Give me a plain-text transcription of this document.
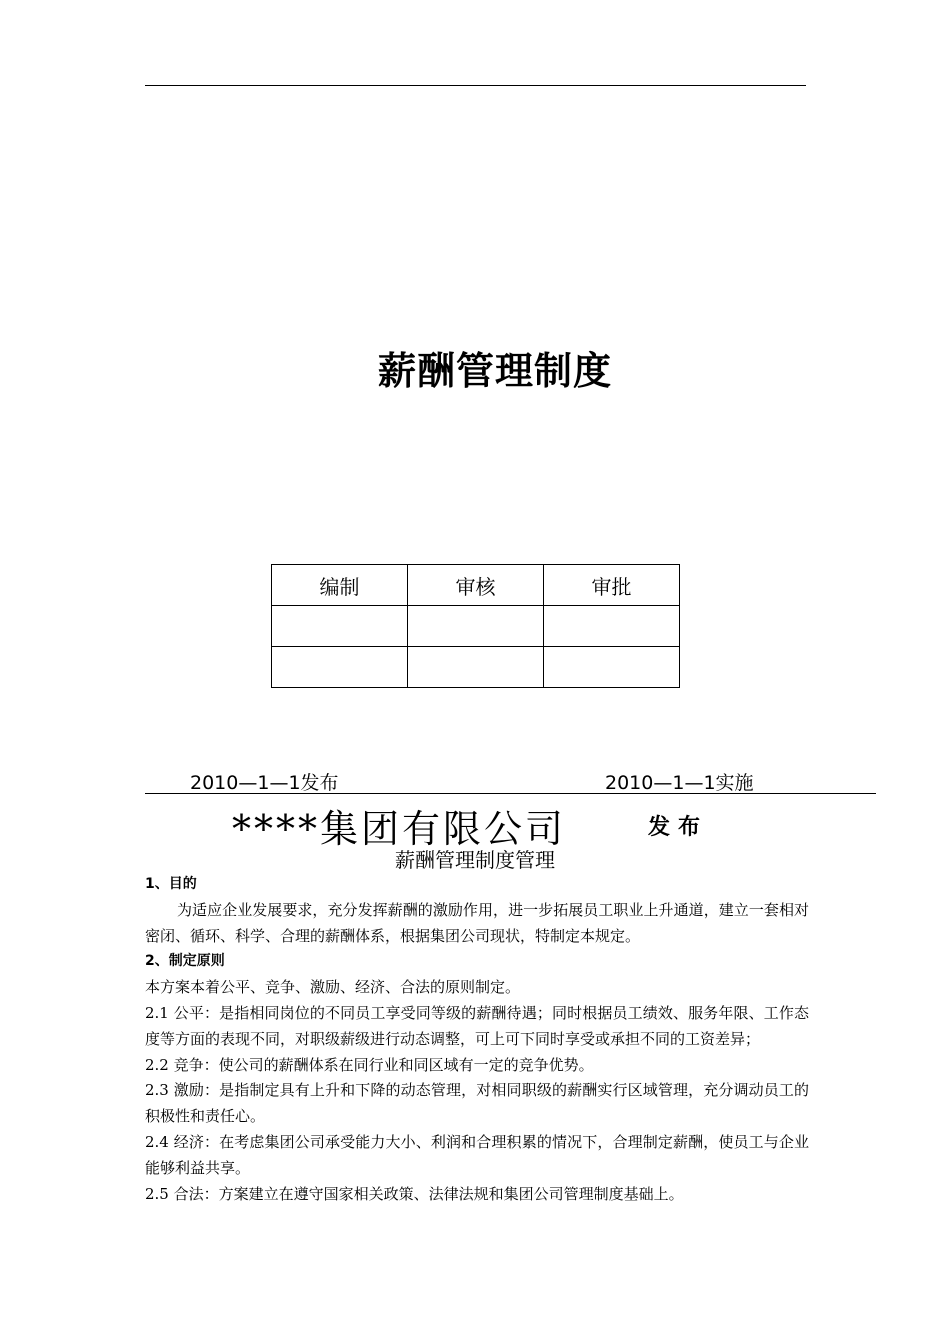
薪酬管理制度
编制	审核	审批

2010—1—1发布	2010—1—1实施
****集团有限公司	发布
薪酬管理制度管理

1、目的

为适应企业发展要求，充分发挥薪酬的激励作用，进一步拓展员工职业上升通道，建立一套相对密闭、循环、科学、合理的薪酬体系，根据集团公司现状，特制定本规定。

2、制定原则

本方案本着公平、竞争、激励、经济、合法的原则制定。

2.1 公平：是指相同岗位的不同员工享受同等级的薪酬待遇；同时根据员工绩效、服务年限、工作态度等方面的表现不同，对职级薪级进行动态调整，可上可下同时享受或承担不同的工资差异；

2.2 竞争：使公司的薪酬体系在同行业和同区域有一定的竞争优势。

2.3 激励：是指制定具有上升和下降的动态管理，对相同职级的薪酬实行区域管理，充分调动员工的积极性和责任心。

2.4 经济：在考虑集团公司承受能力大小、利润和合理积累的情况下，合理制定薪酬，使员工与企业能够利益共享。

2.5 合法：方案建立在遵守国家相关政策、法律法规和集团公司管理制度基础上。
